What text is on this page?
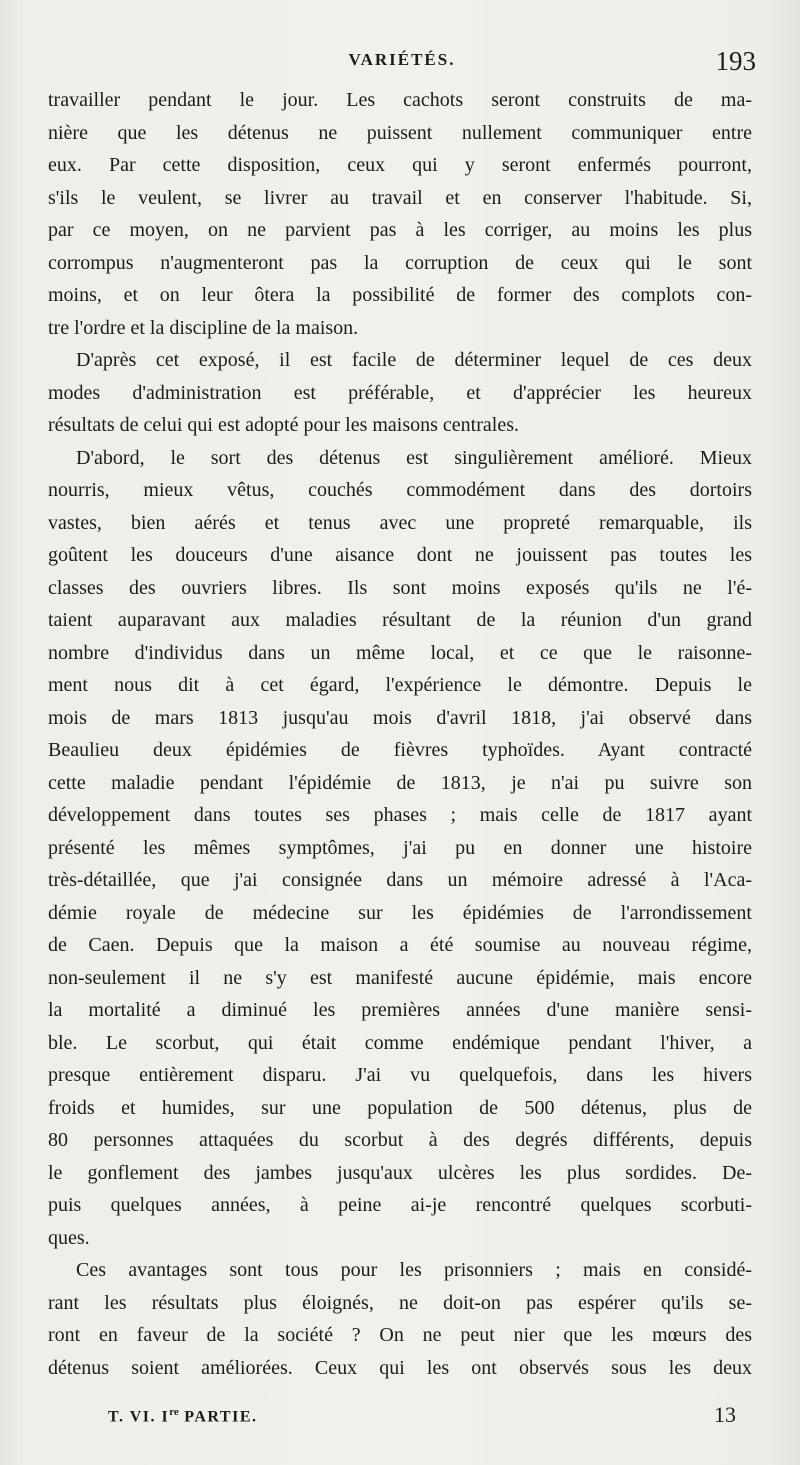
VARIÉTÉS.	193
travailler pendant le jour. Les cachots seront construits de ma-
nière que les détenus ne puissent nullement communiquer entre
eux. Par cette disposition, ceux qui y seront enfermés pourront,
s'ils le veulent, se livrer au travail et en conserver l'habitude. Si,
par ce moyen, on ne parvient pas à les corriger, au moins les plus
corrompus n'augmenteront pas la corruption de ceux qui le sont
moins, et on leur ôtera la possibilité de former des complots con-
tre l'ordre et la discipline de la maison.
D'après cet exposé, il est facile de déterminer lequel de ces deux
modes d'administration est préférable, et d'apprécier les heureux
résultats de celui qui est adopté pour les maisons centrales.
D'abord, le sort des détenus est singulièrement amélioré. Mieux
nourris, mieux vêtus, couchés commodément dans des dortoirs
vastes, bien aérés et tenus avec une propreté remarquable, ils
goûtent les douceurs d'une aisance dont ne jouissent pas toutes les
classes des ouvriers libres. Ils sont moins exposés qu'ils ne l'é-
taient auparavant aux maladies résultant de la réunion d'un grand
nombre d'individus dans un même local, et ce que le raisonne-
ment nous dit à cet égard, l'expérience le démontre. Depuis le
mois de mars 1813 jusqu'au mois d'avril 1818, j'ai observé dans
Beaulieu deux épidémies de fièvres typhoïdes. Ayant contracté
cette maladie pendant l'épidémie de 1813, je n'ai pu suivre son
développement dans toutes ses phases ; mais celle de 1817 ayant
présenté les mêmes symptômes, j'ai pu en donner une histoire
très-détaillée, que j'ai consignée dans un mémoire adressé à l'Aca-
démie royale de médecine sur les épidémies de l'arrondissement
de Caen. Depuis que la maison a été soumise au nouveau régime,
non-seulement il ne s'y est manifesté aucune épidémie, mais encore
la mortalité a diminué les premières années d'une manière sensi-
ble. Le scorbut, qui était comme endémique pendant l'hiver, a
presque entièrement disparu. J'ai vu quelquefois, dans les hivers
froids et humides, sur une population de 500 détenus, plus de
80 personnes attaquées du scorbut à des degrés différents, depuis
le gonflement des jambes jusqu'aux ulcères les plus sordides. De-
puis quelques années, à peine ai-je rencontré quelques scorbuti-
ques.
Ces avantages sont tous pour les prisonniers ; mais en considé-
rant les résultats plus éloignés, ne doit-on pas espérer qu'ils se-
ront en faveur de la société ? On ne peut nier que les mœurs des
détenus soient améliorées. Ceux qui les ont observés sous les deux
T. VI. Ire PARTIE.	13
